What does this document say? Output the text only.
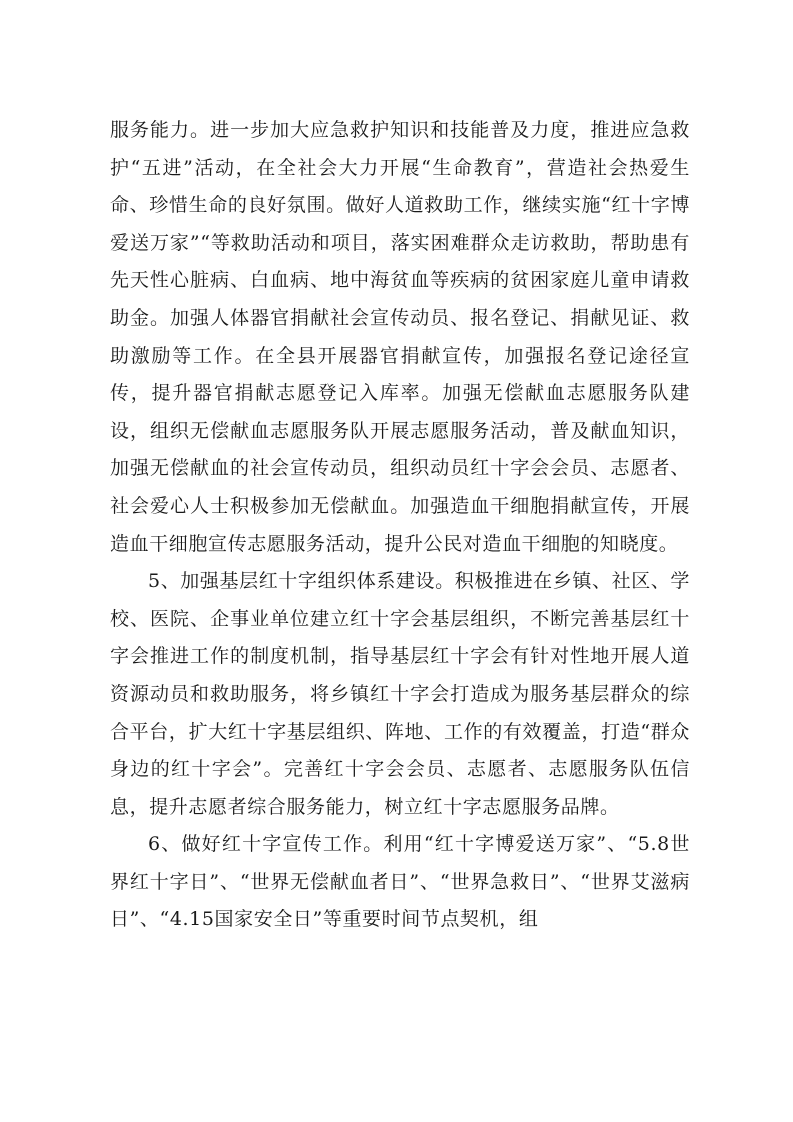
服务能力。进一步加大应急救护知识和技能普及力度，推进应急救护“五进”活动，在全社会大力开展“生命教育”，营造社会热爱生命、珍惜生命的良好氛围。做好人道救助工作，继续实施“红十字博爱送万家”“等救助活动和项目，落实困难群众走访救助，帮助患有先天性心脏病、白血病、地中海贫血等疾病的贫困家庭儿童申请救助金。加强人体器官捐献社会宣传动员、报名登记、捐献见证、救助激励等工作。在全县开展器官捐献宣传，加强报名登记途径宣传，提升器官捐献志愿登记入库率。加强无偿献血志愿服务队建设，组织无偿献血志愿服务队开展志愿服务活动，普及献血知识，加强无偿献血的社会宣传动员，组织动员红十字会会员、志愿者、社会爱心人士积极参加无偿献血。加强造血干细胞捐献宣传，开展造血干细胞宣传志愿服务活动，提升公民对造血干细胞的知晓度。

5、加强基层红十字组织体系建设。积极推进在乡镇、社区、学校、医院、企事业单位建立红十字会基层组织，不断完善基层红十字会推进工作的制度机制，指导基层红十字会有针对性地开展人道资源动员和救助服务，将乡镇红十字会打造成为服务基层群众的综合平台，扩大红十字基层组织、阵地、工作的有效覆盖，打造“群众身边的红十字会”。完善红十字会会员、志愿者、志愿服务队伍信息，提升志愿者综合服务能力，树立红十字志愿服务品牌。

6、做好红十字宣传工作。利用“红十字博爱送万家”、“5.8世界红十字日”、“世界无偿献血者日”、“世界急救日”、“世界艾滋病日”、“4.15国家安全日”等重要时间节点契机，组
